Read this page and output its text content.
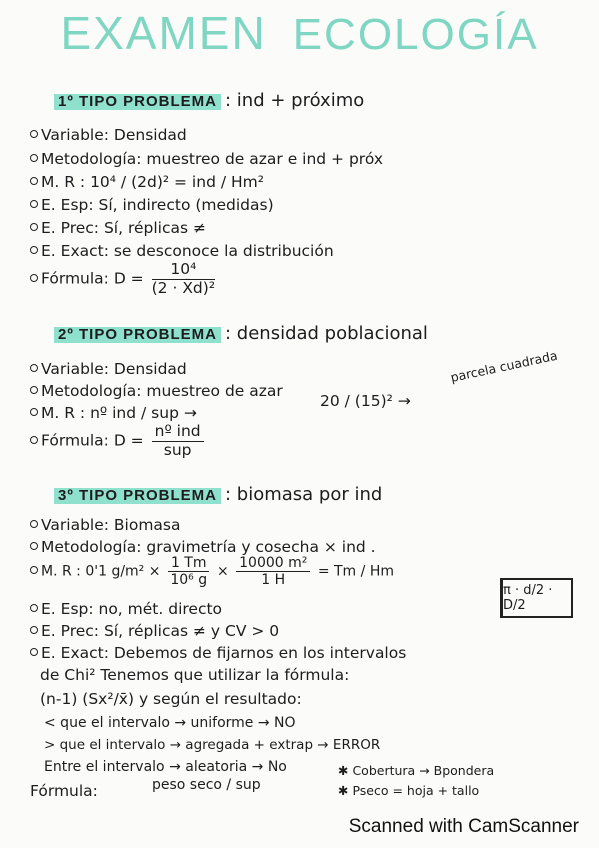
EXAMEN ECOLOGÍA
1º TIPO PROBLEMA : ind + próximo
Variable: Densidad
Metodología: muestreo de azar e ind + próx
M. R : 10⁴ / (2d)² = ind / Hm²
E. Esp: Sí, indirecto (medidas)
E. Prec: Sí, réplicas ≠
E. Exact: se desconoce la distribución
Fórmula: $D = \frac{\text{10⁴}}{\text{(2 · X̄d)²}}$
2º TIPO PROBLEMA : densidad poblacional
Variable: Densidad
Metodología: muestreo de azar
20 / (15)² →
parcela cuadrada
M. R : nº ind / sup →
Fórmula: $D = \frac{\text{nº ind}}{\text{sup}}$
3º TIPO PROBLEMA : biomasa por ind
Variable: Biomasa
Metodología: gravimetría y cosecha × ind .
M. R : 0'1 $g/m^2 \times \frac{1 Tm}{\text{10⁶ g}} \times \frac{\text{10000 m²}}{1 H} = Tm / Hm$
π · d/2 · D/2
E. Esp: no, mét. directo
E. Prec: Sí, réplicas ≠ y CV > 0
E. Exact: Debemos de fijarnos en los intervalos
de Chi² Tenemos que utilizar la fórmula:
(n-1) (Sx²/x̄) y según el resultado:
< que el intervalo → uniforme → NO
> que el intervalo → agregada + extrap → ERROR
Entre el intervalo → aleatoria → No
peso seco / sup
Fórmula:
✱ Cobertura → Bpondera
✱ Pseco = hoja + tallo
Scanned with CamScanner
